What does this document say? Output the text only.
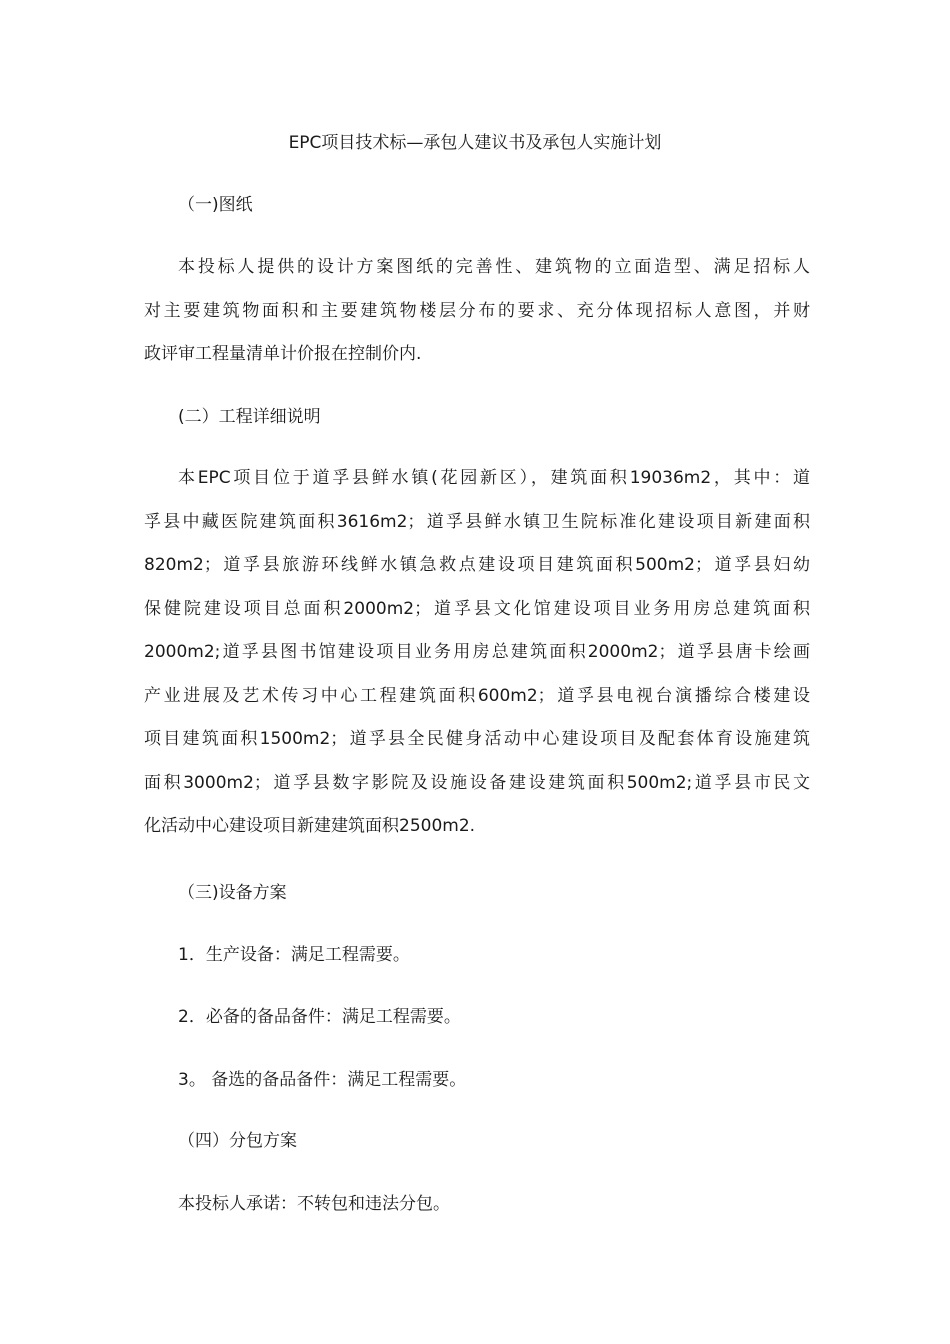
EPC项目技术标—承包人建议书及承包人实施计划
（一)图纸
本投标人提供的设计方案图纸的完善性、建筑物的立面造型、满足招标人
对主要建筑物面积和主要建筑物楼层分布的要求、充分体现招标人意图，并财
政评审工程量清单计价报在控制价内.
(二）工程详细说明
本EPC项目位于道孚县鲜水镇(花园新区），建筑面积19036m2，其中：道
孚县中藏医院建筑面积3616m2；道孚县鲜水镇卫生院标准化建设项目新建面积
820m2；道孚县旅游环线鲜水镇急救点建设项目建筑面积500m2；道孚县妇幼
保健院建设项目总面积2000m2；道孚县文化馆建设项目业务用房总建筑面积
2000m2;道孚县图书馆建设项目业务用房总建筑面积2000m2；道孚县唐卡绘画
产业进展及艺术传习中心工程建筑面积600m2；道孚县电视台演播综合楼建设
项目建筑面积1500m2；道孚县全民健身活动中心建设项目及配套体育设施建筑
面积3000m2；道孚县数字影院及设施设备建设建筑面积500m2;道孚县市民文
化活动中心建设项目新建建筑面积2500m2.
（三)设备方案
1．生产设备：满足工程需要。
2．必备的备品备件：满足工程需要。
3。 备选的备品备件：满足工程需要。
（四）分包方案
本投标人承诺：不转包和违法分包。
